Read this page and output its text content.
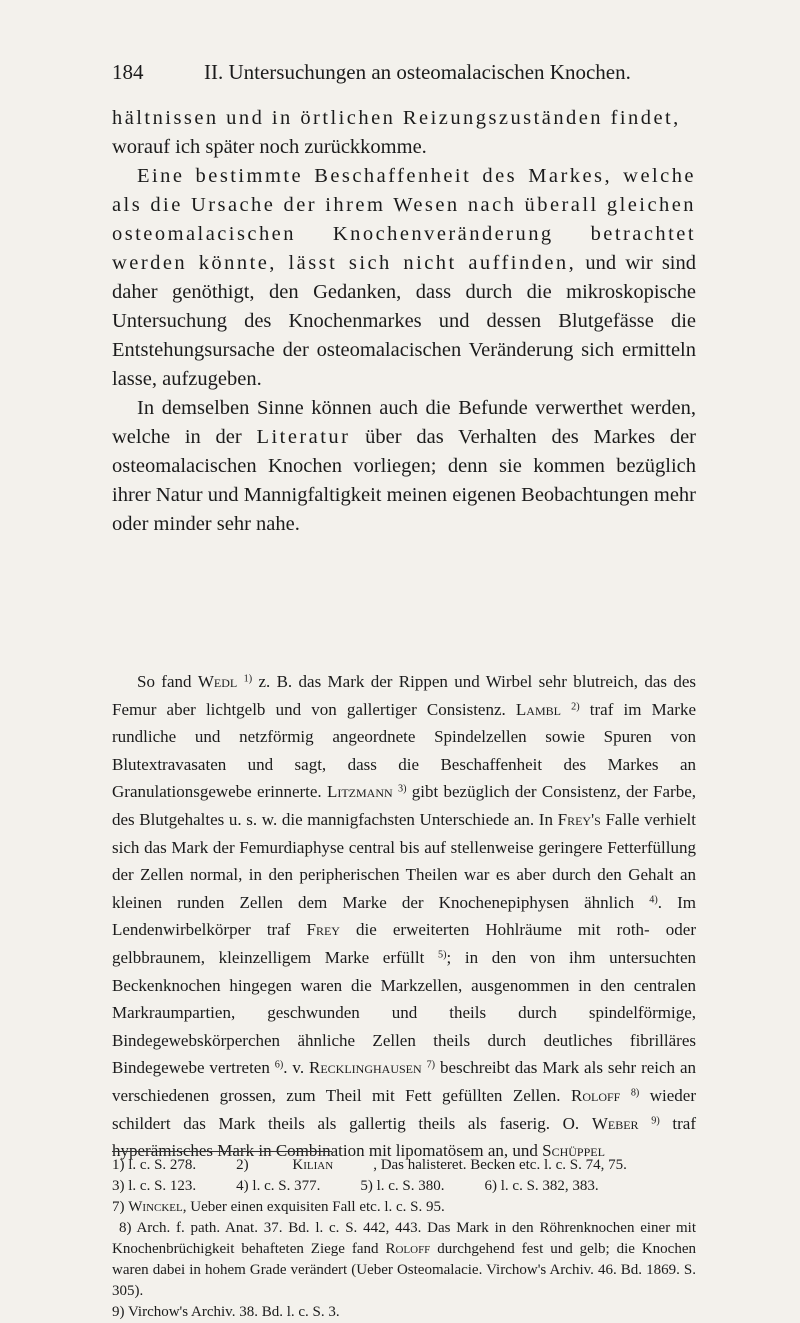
184	II. Untersuchungen an osteomalacischen Knochen.

hältnissen und in örtlichen Reizungszuständen findet,
worauf ich später noch zurückkomme.

Eine bestimmte Beschaffenheit des Markes, welche als die Ursache der ihrem Wesen nach überall gleichen osteomalacischen Knochenveränderung betrachtet werden könnte, lässt sich nicht auffinden, und wir sind daher genöthigt, den Gedanken, dass durch die mikroskopische Untersuchung des Knochenmarkes und dessen Blutgefässe die Entstehungsursache der osteomalacischen Veränderung sich ermitteln lasse, aufzugeben.

In demselben Sinne können auch die Befunde verwerthet werden, welche in der Literatur über das Verhalten des Markes der osteomalacischen Knochen vorliegen; denn sie kommen bezüglich ihrer Natur und Mannigfaltigkeit meinen eigenen Beobachtungen mehr oder minder sehr nahe.

So fand Wedl $^{1)}$ z. B. das Mark der Rippen und Wirbel sehr blutreich, das des Femur aber lichtgelb und von gallertiger Consistenz. Lambl $^{2)}$ traf im Marke rundliche und netzförmig angeordnete Spindelzellen sowie Spuren von Blutextravasaten und sagt, dass die Beschaffenheit des Markes an Granulationsgewebe erinnerte. Litzmann $^{3)}$ gibt bezüglich der Consistenz, der Farbe, des Blutgehaltes u. s. w. die mannigfachsten Unterschiede an. In Frey's Falle verhielt sich das Mark der Femurdiaphyse central bis auf stellenweise geringere Fetterfüllung der Zellen normal, in den peripherischen Theilen war es aber durch den Gehalt an kleinen runden Zellen dem Marke der Knochenepiphysen ähnlich $^{4)}$. Im Lendenwirbelkörper traf Frey die erweiterten Hohlräume mit roth- oder gelbbraunem, kleinzelligem Marke erfüllt $^{5)}$; in den von ihm untersuchten Beckenknochen hingegen waren die Markzellen, ausgenommen in den centralen Markraumpartien, geschwunden und theils durch spindelförmige, Bindegewebskörperchen ähnliche Zellen theils durch deutliches fibrilläres Bindegewebe vertreten $^{6)}$. v. Recklinghausen $^{7)}$ beschreibt das Mark als sehr reich an verschiedenen grossen, zum Theil mit Fett gefüllten Zellen. Roloff $^{8)}$ wieder schildert das Mark theils als gallertig theils als faserig. O. Weber $^{9)}$ traf hyperämisches Mark in Combination mit lipomatösem an, und Schüppel

1) l. c. S. 278.	2)	Kilian	, Das halisteret. Becken etc. l. c. S. 74, 75.
3) l. c. S. 123.	4) l. c. S. 377.	5) l. c. S. 380.	6) l. c. S. 382, 383.
7) Winckel, Ueber einen exquisiten Fall etc. l. c. S. 95.
8) Arch. f. path. Anat. 37. Bd. l. c. S. 442, 443. Das Mark in den Röhrenknochen einer mit Knochenbrüchigkeit behafteten Ziege fand Roloff durchgehend fest und gelb; die Knochen waren dabei in hohem Grade verändert (Ueber Osteomalacie. Virchow's Archiv. 46. Bd. 1869. S. 305).
9) Virchow's Archiv. 38. Bd. l. c. S. 3.
